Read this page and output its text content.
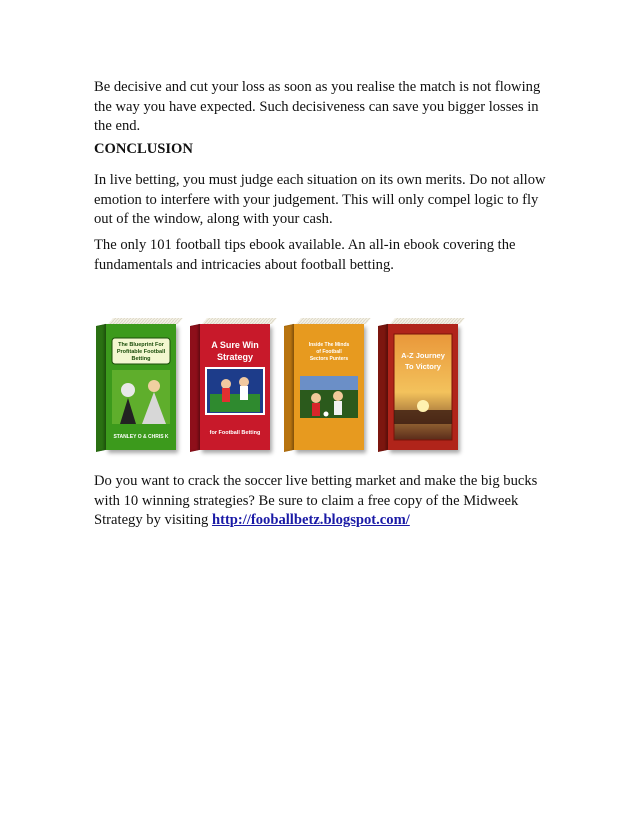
Be decisive and cut your loss as soon as you realise the match is not flowing the way you have expected. Such decisiveness can save you bigger losses in the end.

CONCLUSION

In live betting, you must judge each situation on its own merits. Do not allow emotion to interfere with your judgement. This will only compel logic to fly out of the window, along with your cash.

The only 101 football tips ebook available. An all-in ebook covering the fundamentals and intricacies about football betting.

The Blueprint For
Profitable Football
Betting
STANLEY O & CHRIS K
A Sure Win
Strategy
for Football Betting
Inside The Minds
of Football
Sectors Punters	A-Z Journey
To Victory

Do you want to crack the soccer live betting market and make the big bucks with 10 winning strategies? Be sure to claim a free copy of the Midweek Strategy by visiting http://fooballbetz.blogspot.com/
